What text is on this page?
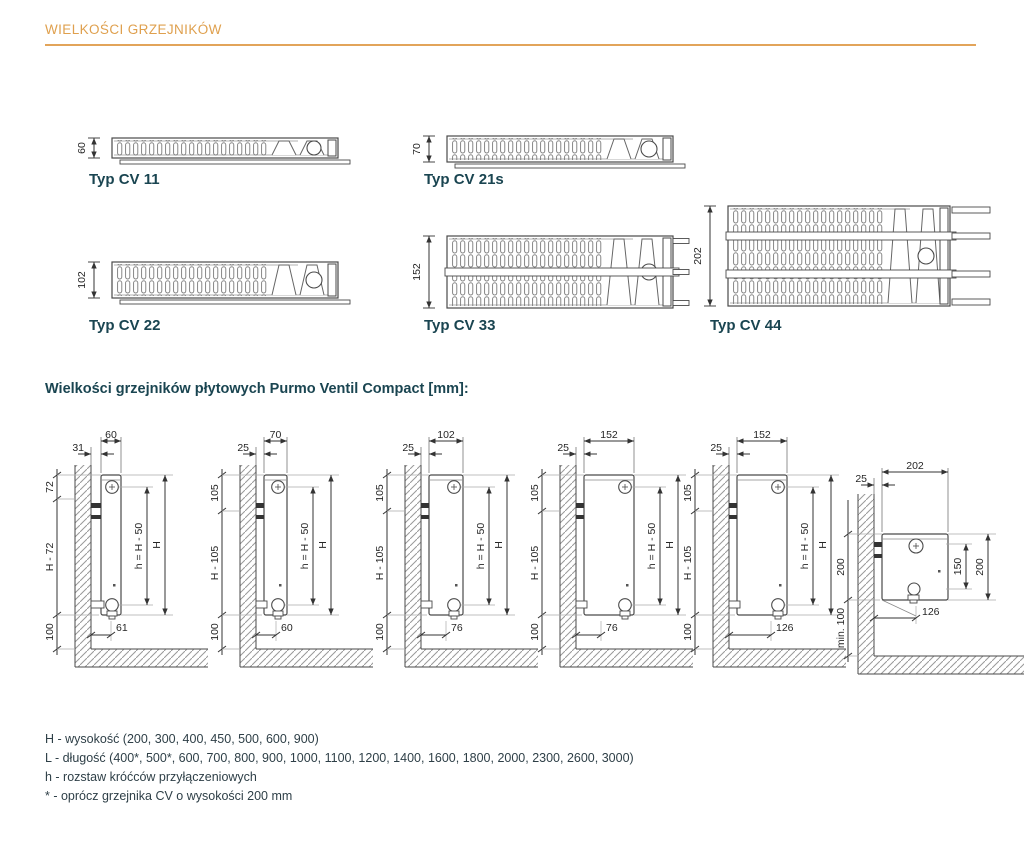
WIELKOŚCI GRZEJNIKÓW
60	70
102	152
202
Typ CV 11	Typ CV 21s
Typ CV 22	Typ CV 33	Typ CV 44
Wielkości grzejników płytowych Purmo Ventil Compact [mm]:
60
31
72
H - 72
100
h = H - 50 H
61
70
25
105
H - 105
100
h = H - 50 H
60
102
25
105
H - 105
100
h = H - 50 H
76
152
25
105
H - 105
100
h = H - 50 H
76
152
25
105
H - 105
100
h = H - 50 H
126
202
25
200
min. 100
150 200
126
H - wysokość (200, 300, 400, 450, 500, 600, 900)
L - długość (400*, 500*, 600, 700, 800, 900, 1000, 1100, 1200, 1400, 1600, 1800, 2000, 2300, 2600, 3000)
h - rozstaw króćców przyłączeniowych
* - oprócz grzejnika CV o wysokości 200 mm
